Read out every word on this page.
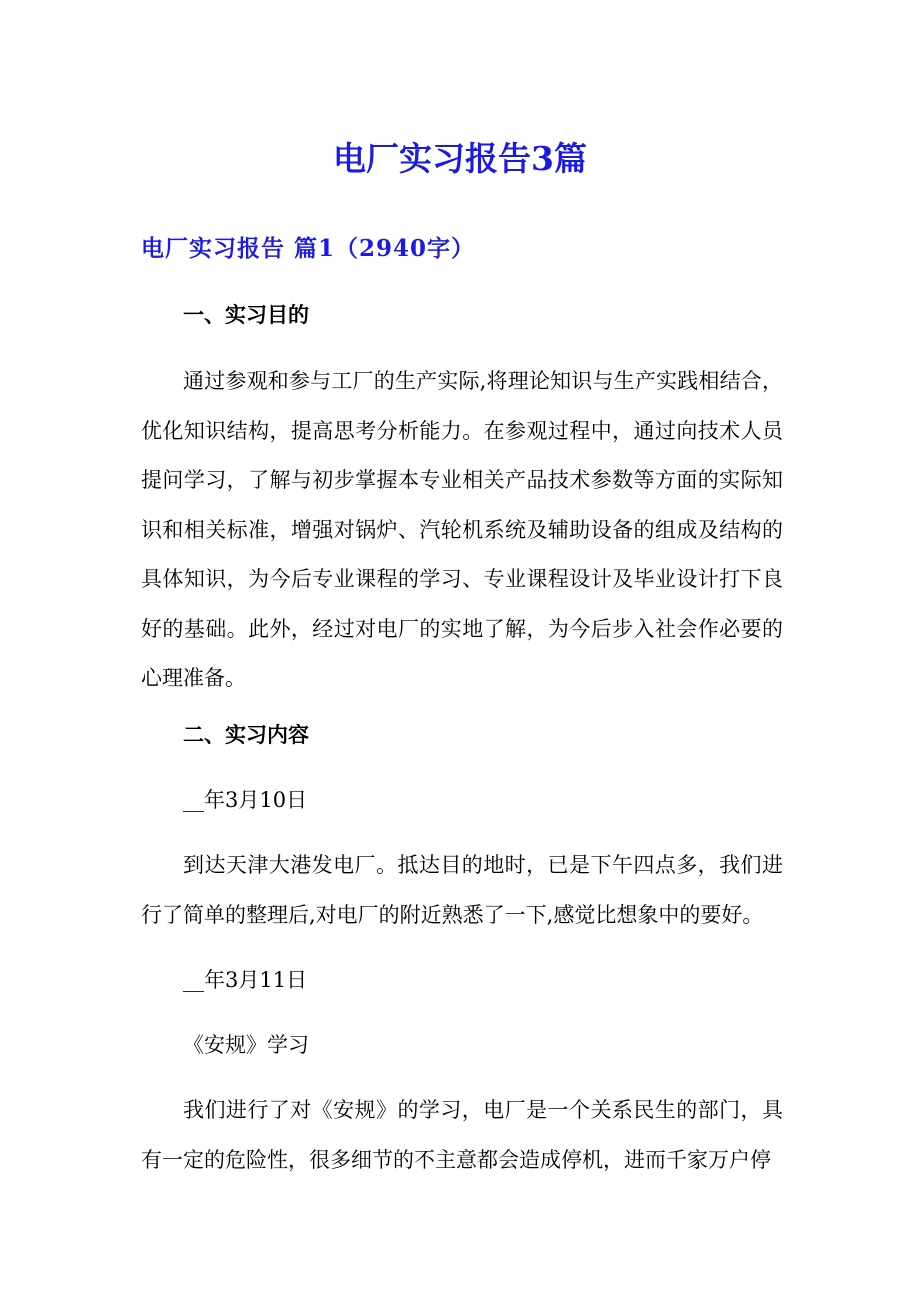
电厂实习报告3篇
电厂实习报告 篇1（2940字）
一、实习目的

通过参观和参与工厂的生产实际,将理论知识与生产实践相结合，优化知识结构，提高思考分析能力。在参观过程中，通过向技术人员提问学习，了解与初步掌握本专业相关产品技术参数等方面的实际知识和相关标准，增强对锅炉、汽轮机系统及辅助设备的组成及结构的具体知识，为今后专业课程的学习、专业课程设计及毕业设计打下良好的基础。此外，经过对电厂的实地了解，为今后步入社会作必要的心理准备。

二、实习内容

__年3月10日

到达天津大港发电厂。抵达目的地时，已是下午四点多，我们进行了简单的整理后,对电厂的附近熟悉了一下,感觉比想象中的要好。

__年3月11日

《安规》学习

我们进行了对《安规》的学习，电厂是一个关系民生的部门，具有一定的危险性，很多细节的不主意都会造成停机，进而千家万户停
